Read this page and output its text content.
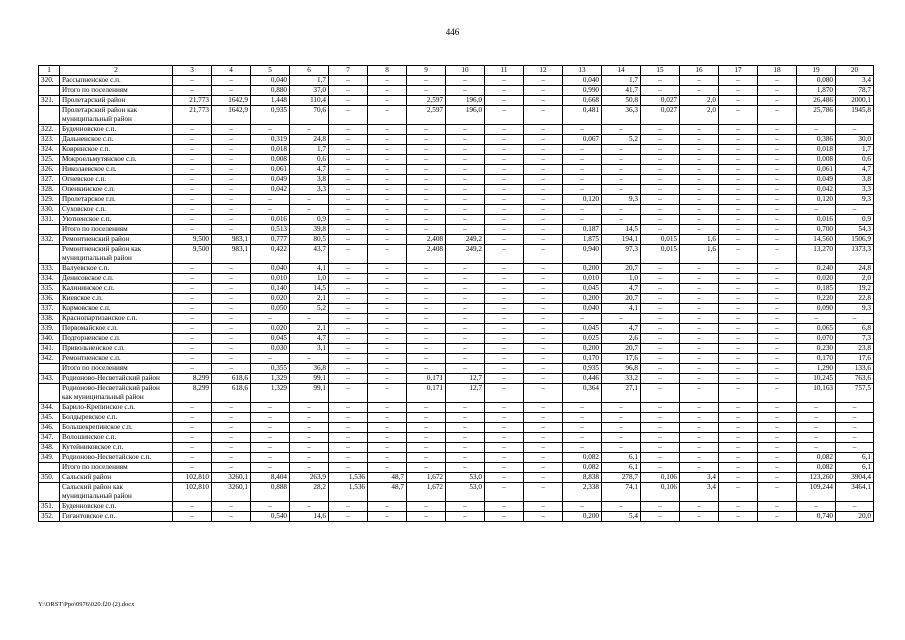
446
1	2	3	4	5	6	7	8	9	10	11	12	13	14	15	16	17	18	19	20
320.	Рассыпненское с.п.	–	–	0,040	1,7	–	–	–	–	–	–	0,040	1,7	–	–	–	–	0,080	3,4
	Итого по поселениям	–	–	0,880	37,0	–	–	–	–	–	–	0,990	41,7	–	–	–	–	1,870	78,7
321.	Пролетарский район	21,773	1642,9	1,448	110,4	–	–	2,597	196,0	–	–	0,668	50,8	0,027	2,0	–	–	26,486	2000,1
	Пролетарский район как муниципальный район	21,773	1642,9	0,935	70,6	–	–	2,597	196,0	–	–	0,481	36,3	0,027	2,0	–	–	25,786	1945,8
322.	Буденновское с.п.	–	–	–	–	–	–	–	–	–	–	–	–	–	–	–	–	–	–
323.	Дальненское с.п.	–	–	0,319	24,8	–	–	–	–	–	–	0,067	5,2	–	–	–	–	0,386	30,0
324.	Ковринское с.п.	–	–	0,018	1,7	–	–	–	–	–	–	–	–	–	–	–	–	0,018	1,7
325.	Мокроельмутянское с.п.	–	–	0,008	0,6	–	–	–	–	–	–	–	–	–	–	–	–	0,008	0,6
326.	Николаевское с.п.	–	–	0,061	4,7	–	–	–	–	–	–	–	–	–	–	–	–	0,061	4,7
327.	Огневское с.п.	–	–	0,049	3,8	–	–	–	–	–	–	–	–	–	–	–	–	0,049	3,8
328.	Опенкинское с.п.	–	–	0,042	3,3	–	–	–	–	–	–	–	–	–	–	–	–	0,042	3,3
329.	Пролетарское г.п.	–	–	–	–	–	–	–	–	–	–	0,120	9,3	–	–	–	–	0,120	9,3
330.	Суховское с.п.	–	–	–	–	–	–	–	–	–	–	–	–	–	–	–	–	–	–
331.	Уютненское с.п.	–	–	0,016	0,9	–	–	–	–	–	–	–	–	–	–	–	–	0,016	0,9
	Итого по поселениям	–	–	0,513	39,8	–	–	–	–	–	–	0,187	14,5	–	–	–	–	0,700	54,3
332.	Ремонтненский район	9,500	983,1	0,777	80,5	–	–	2,408	249,2	–	–	1,875	194,1	0,015	1,6	–	–	14,560	1506,9
	Ремонтненский район как муниципальный район	9,500	983,1	0,422	43,7	–	–	2,408	249,2	–	–	0,940	97,3	0,015	1,6	–	–	13,270	1373,3
333.	Валуевское с.п.	–	–	0,040	4,1	–	–	–	–	–	–	0,200	20,7	–	–	–	–	0,240	24,8
334.	Денисовское с.п.	–	–	0,010	1,0	–	–	–	–	–	–	0,010	1,0	–	–	–	–	0,020	2,0
335.	Калининское с.п.	–	–	0,140	14,5	–	–	–	–	–	–	0,045	4,7	–	–	–	–	0,185	19,2
336.	Киевское с.п.	–	–	0,020	2,1	–	–	–	–	–	–	0,200	20,7	–	–	–	–	0,220	22,8
337.	Кормовское с.п.	–	–	0,050	5,2	–	–	–	–	–	–	0,040	4,1	–	–	–	–	0,090	9,3
338.	Краснопартизанское с.п.	–	–	–	–	–	–	–	–	–	–	–	–	–	–	–	–	–	–
339.	Первомайское с.п.	–	–	0,020	2,1	–	–	–	–	–	–	0,045	4,7	–	–	–	–	0,065	6,8
340.	Подгорненское с.п.	–	–	0,045	4,7	–	–	–	–	–	–	0,025	2,6	–	–	–	–	0,070	7,3
341.	Привольненское с.п.	–	–	0,030	3,1	–	–	–	–	–	–	0,200	20,7	–	–	–	–	0,230	23,8
342.	Ремонтненское с.п.	–	–	–	–	–	–	–	–	–	–	0,170	17,6	–	–	–	–	0,170	17,6
	Итого по поселениям	–	–	0,355	36,8	–	–	–	–	–	–	0,935	96,8	–	–	–	–	1,290	133,6
343.	Родионово-Несветайский район	8,299	618,6	1,329	99,1	–	–	0,171	12,7	–	–	0,446	33,2	–	–	–	–	10,245	763,6
	Родионово-Несветайский район как муниципальный район	8,299	618,6	1,329	99,1	–	–	0,171	12,7	–	–	0,364	27,1	–	–	–	–	10,163	757,5
344.	Барило-Крепинское с.п.	–	–	–	–	–	–	–	–	–	–	–	–	–	–	–	–	–	–
345.	Болдыревское с.п.	–	–	–	–	–	–	–	–	–	–	–	–	–	–	–	–	–	–
346.	Большекрепинское с.п.	–	–	–	–	–	–	–	–	–	–	–	–	–	–	–	–	–	–
347.	Волошинское с.п.	–	–	–	–	–	–	–	–	–	–	–	–	–	–	–	–	–	–
348.	Кутейниковское с.п.	–	–	–	–	–	–	–	–	–	–	–	–	–	–	–	–	–	–
349.	Родионово-Несветайское с.п.	–	–	–	–	–	–	–	–	–	–	0,082	6,1	–	–	–	–	0,082	6,1
	Итого по поселениям	–	–	–	–	–	–	–	–	–	–	0,082	6,1	–	–	–	–	0,082	6,1
350.	Сальский район	102,810	3260,1	8,404	263,9	1,536	48,7	1,672	53,0	–	–	8,838	278,7	0,106	3,4	–	–	123,260	3904,4
	Сальский район как муниципальный район	102,810	3260,1	0,888	28,2	1,536	48,7	1,672	53,0	–	–	2,338	74,1	0,106	3,4	–	–	109,244	3464,1
351.	Буденновское с.п.	–	–	–	–	–	–	–	–	–	–	–	–	–	–	–	–	–	–
352.	Гигантовское с.п.	–	–	0,540	14,6	–	–	–	–	–	–	0,200	5,4	–	–	–	–	0,740	20,0
Y:\ORST\Ppo\0976\020.f20 (2).docx
